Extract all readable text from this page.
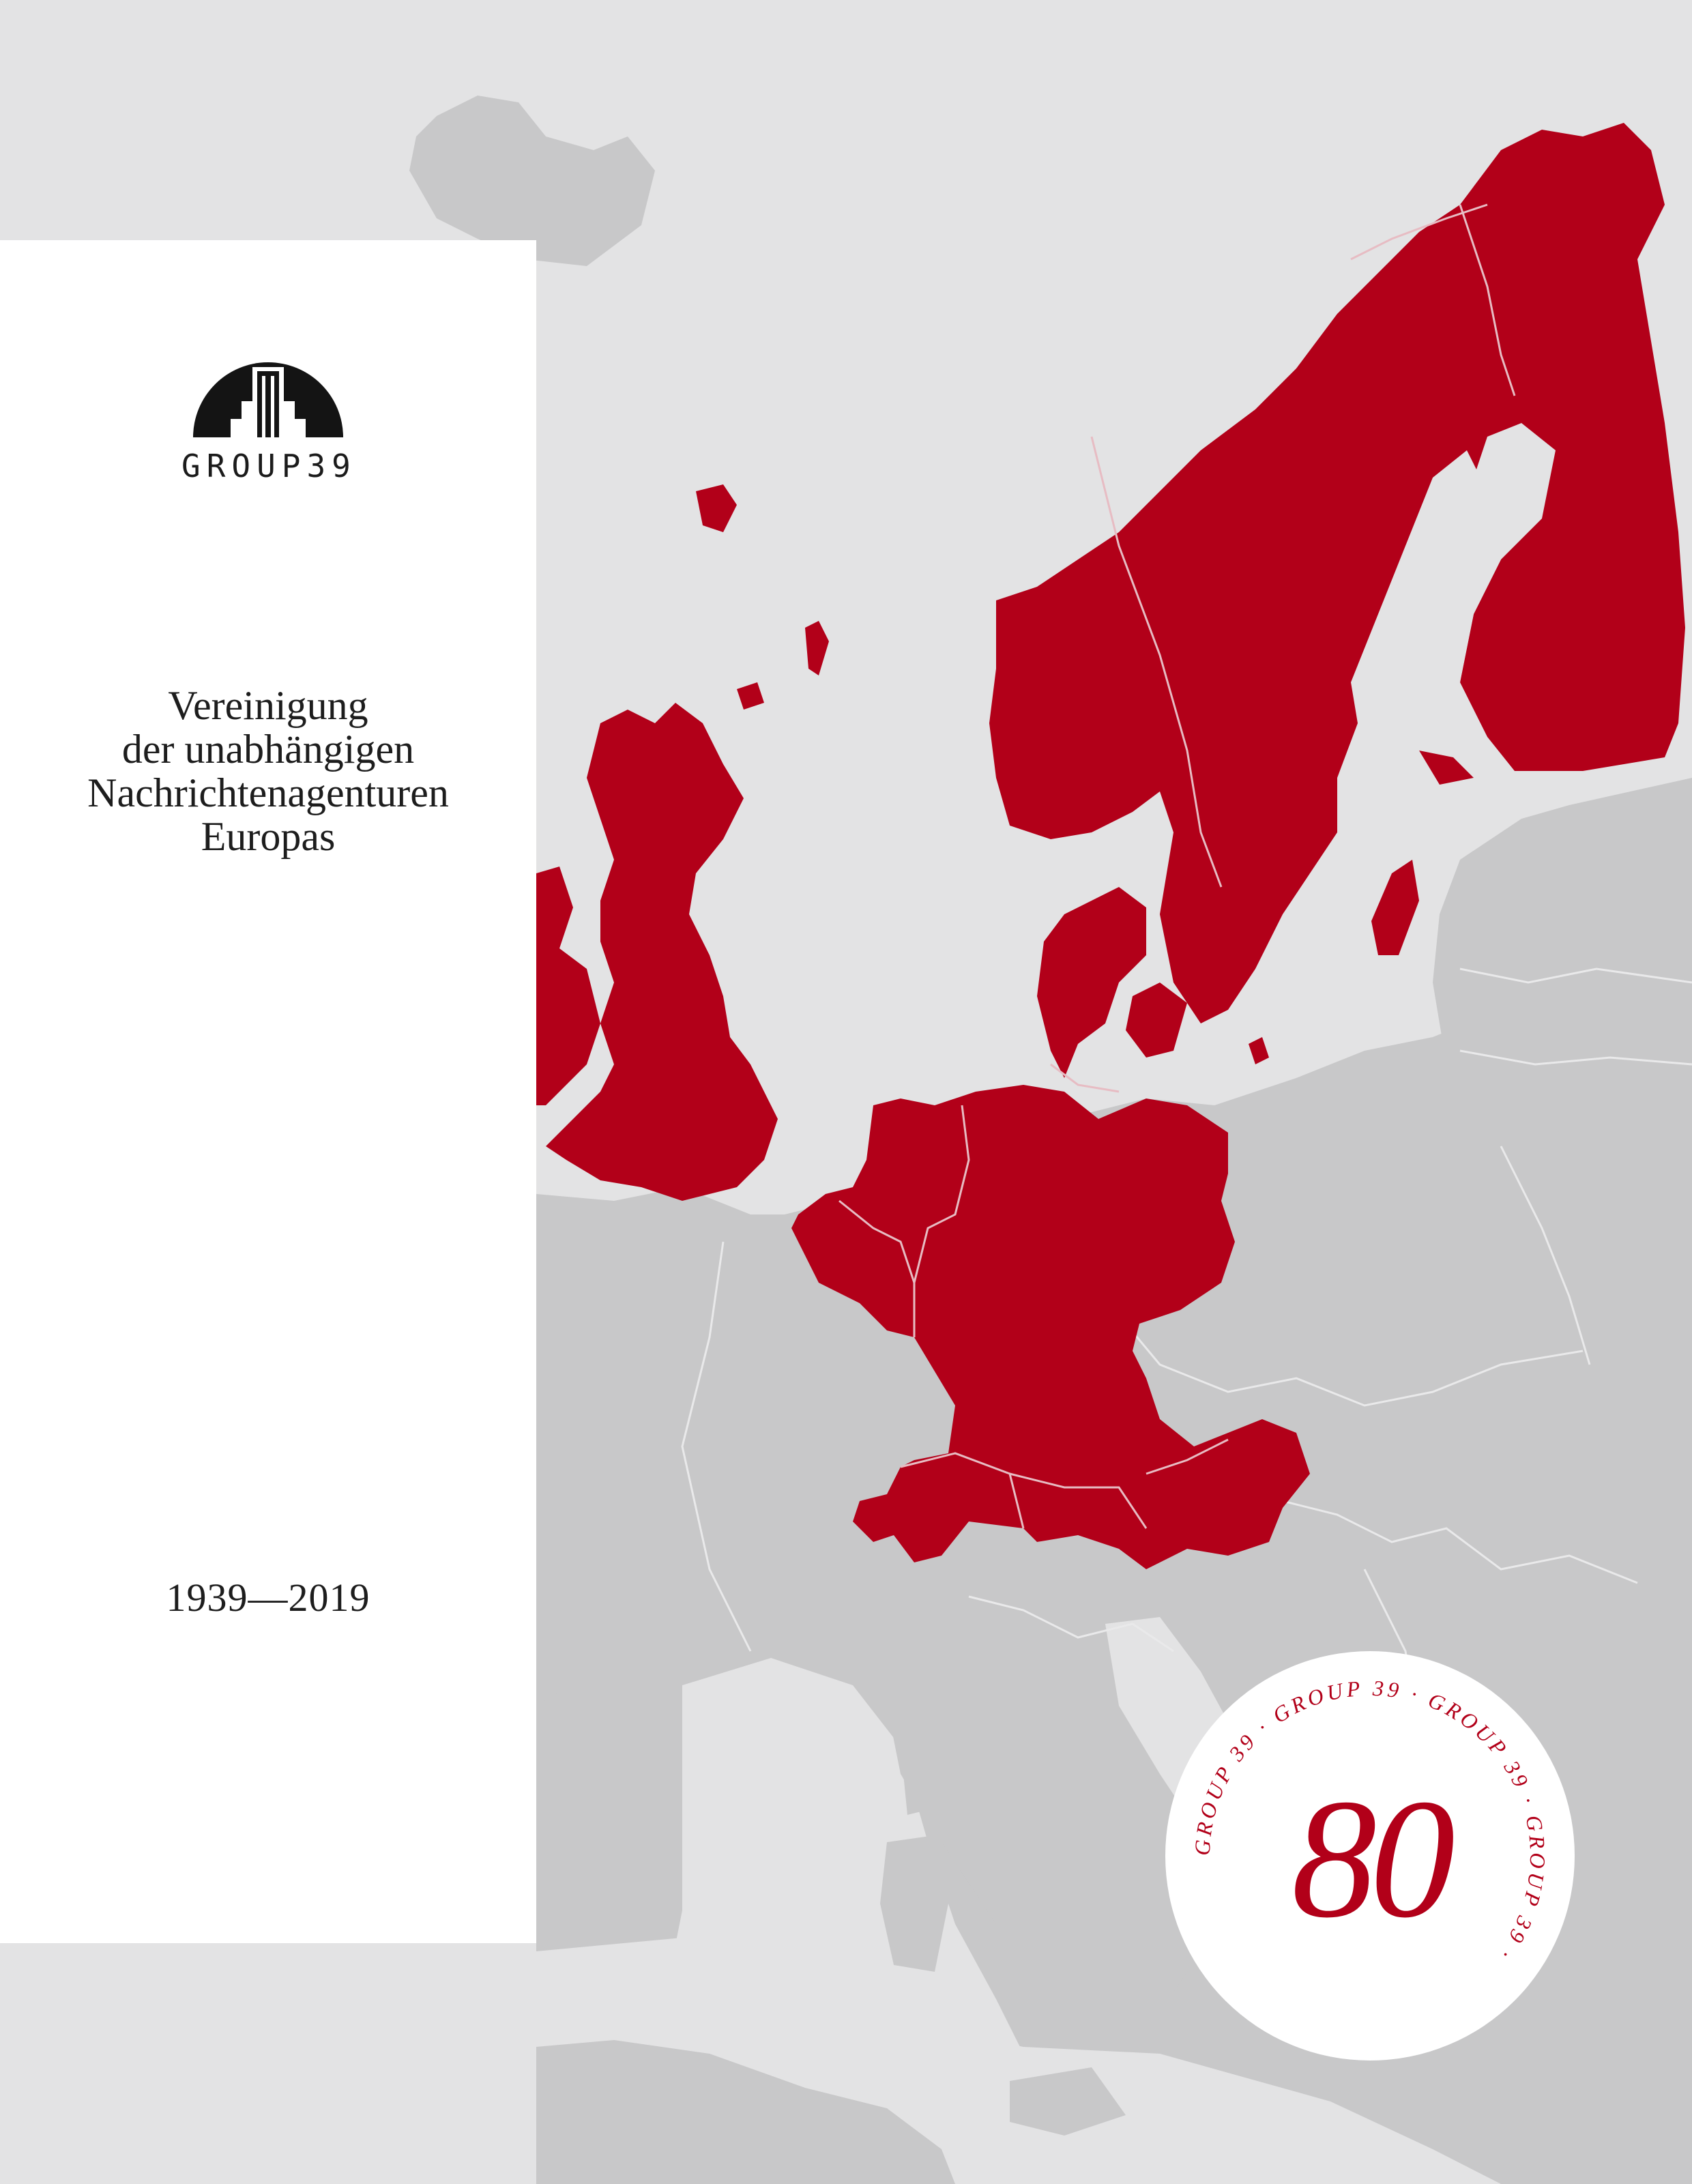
GROUP39
Vereinigung
der unabhängigen
Nachrichtenagenturen
Europas
1939—2019
GROUP 39 · GROUP 39 · GROUP 39 · GROUP 39 ·
80
